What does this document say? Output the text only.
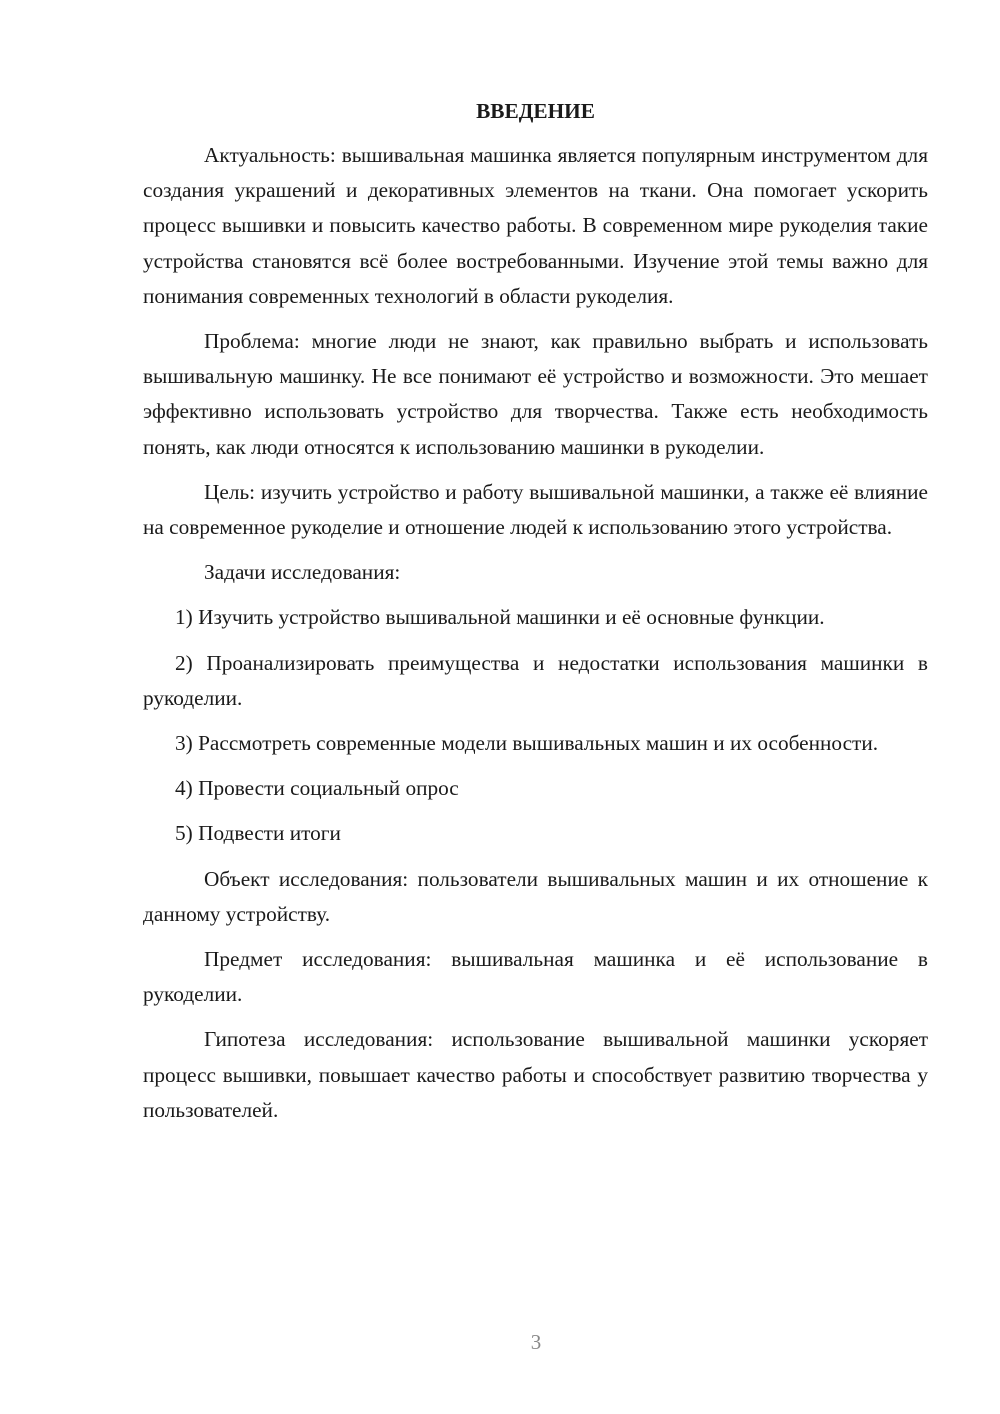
ВВЕДЕНИЕ

Актуальность: вышивальная машинка является популярным инструментом для создания украшений и декоративных элементов на ткани. Она помогает ускорить процесс вышивки и повысить качество работы. В современном мире рукоделия такие устройства становятся всё более востребованными. Изучение этой темы важно для понимания современных технологий в области рукоделия.

Проблема: многие люди не знают, как правильно выбрать и использовать вышивальную машинку. Не все понимают её устройство и возможности. Это мешает эффективно использовать устройство для творчества. Также есть необходимость понять, как люди относятся к использованию машинки в рукоделии.

Цель: изучить устройство и работу вышивальной машинки, а также её влияние на современное рукоделие и отношение людей к использованию этого устройства.

Задачи исследования:

1) Изучить устройство вышивальной машинки и её основные функции.

2) Проанализировать преимущества и недостатки использования машинки в рукоделии.

3) Рассмотреть современные модели вышивальных машин и их особенности.

4) Провести социальный опрос

5) Подвести итоги

Объект исследования: пользователи вышивальных машин и их отношение к данному устройству.

Предмет исследования: вышивальная машинка и её использование в рукоделии.

Гипотеза исследования: использование вышивальной машинки ускоряет процесс вышивки, повышает качество работы и способствует развитию творчества у пользователей.

3
